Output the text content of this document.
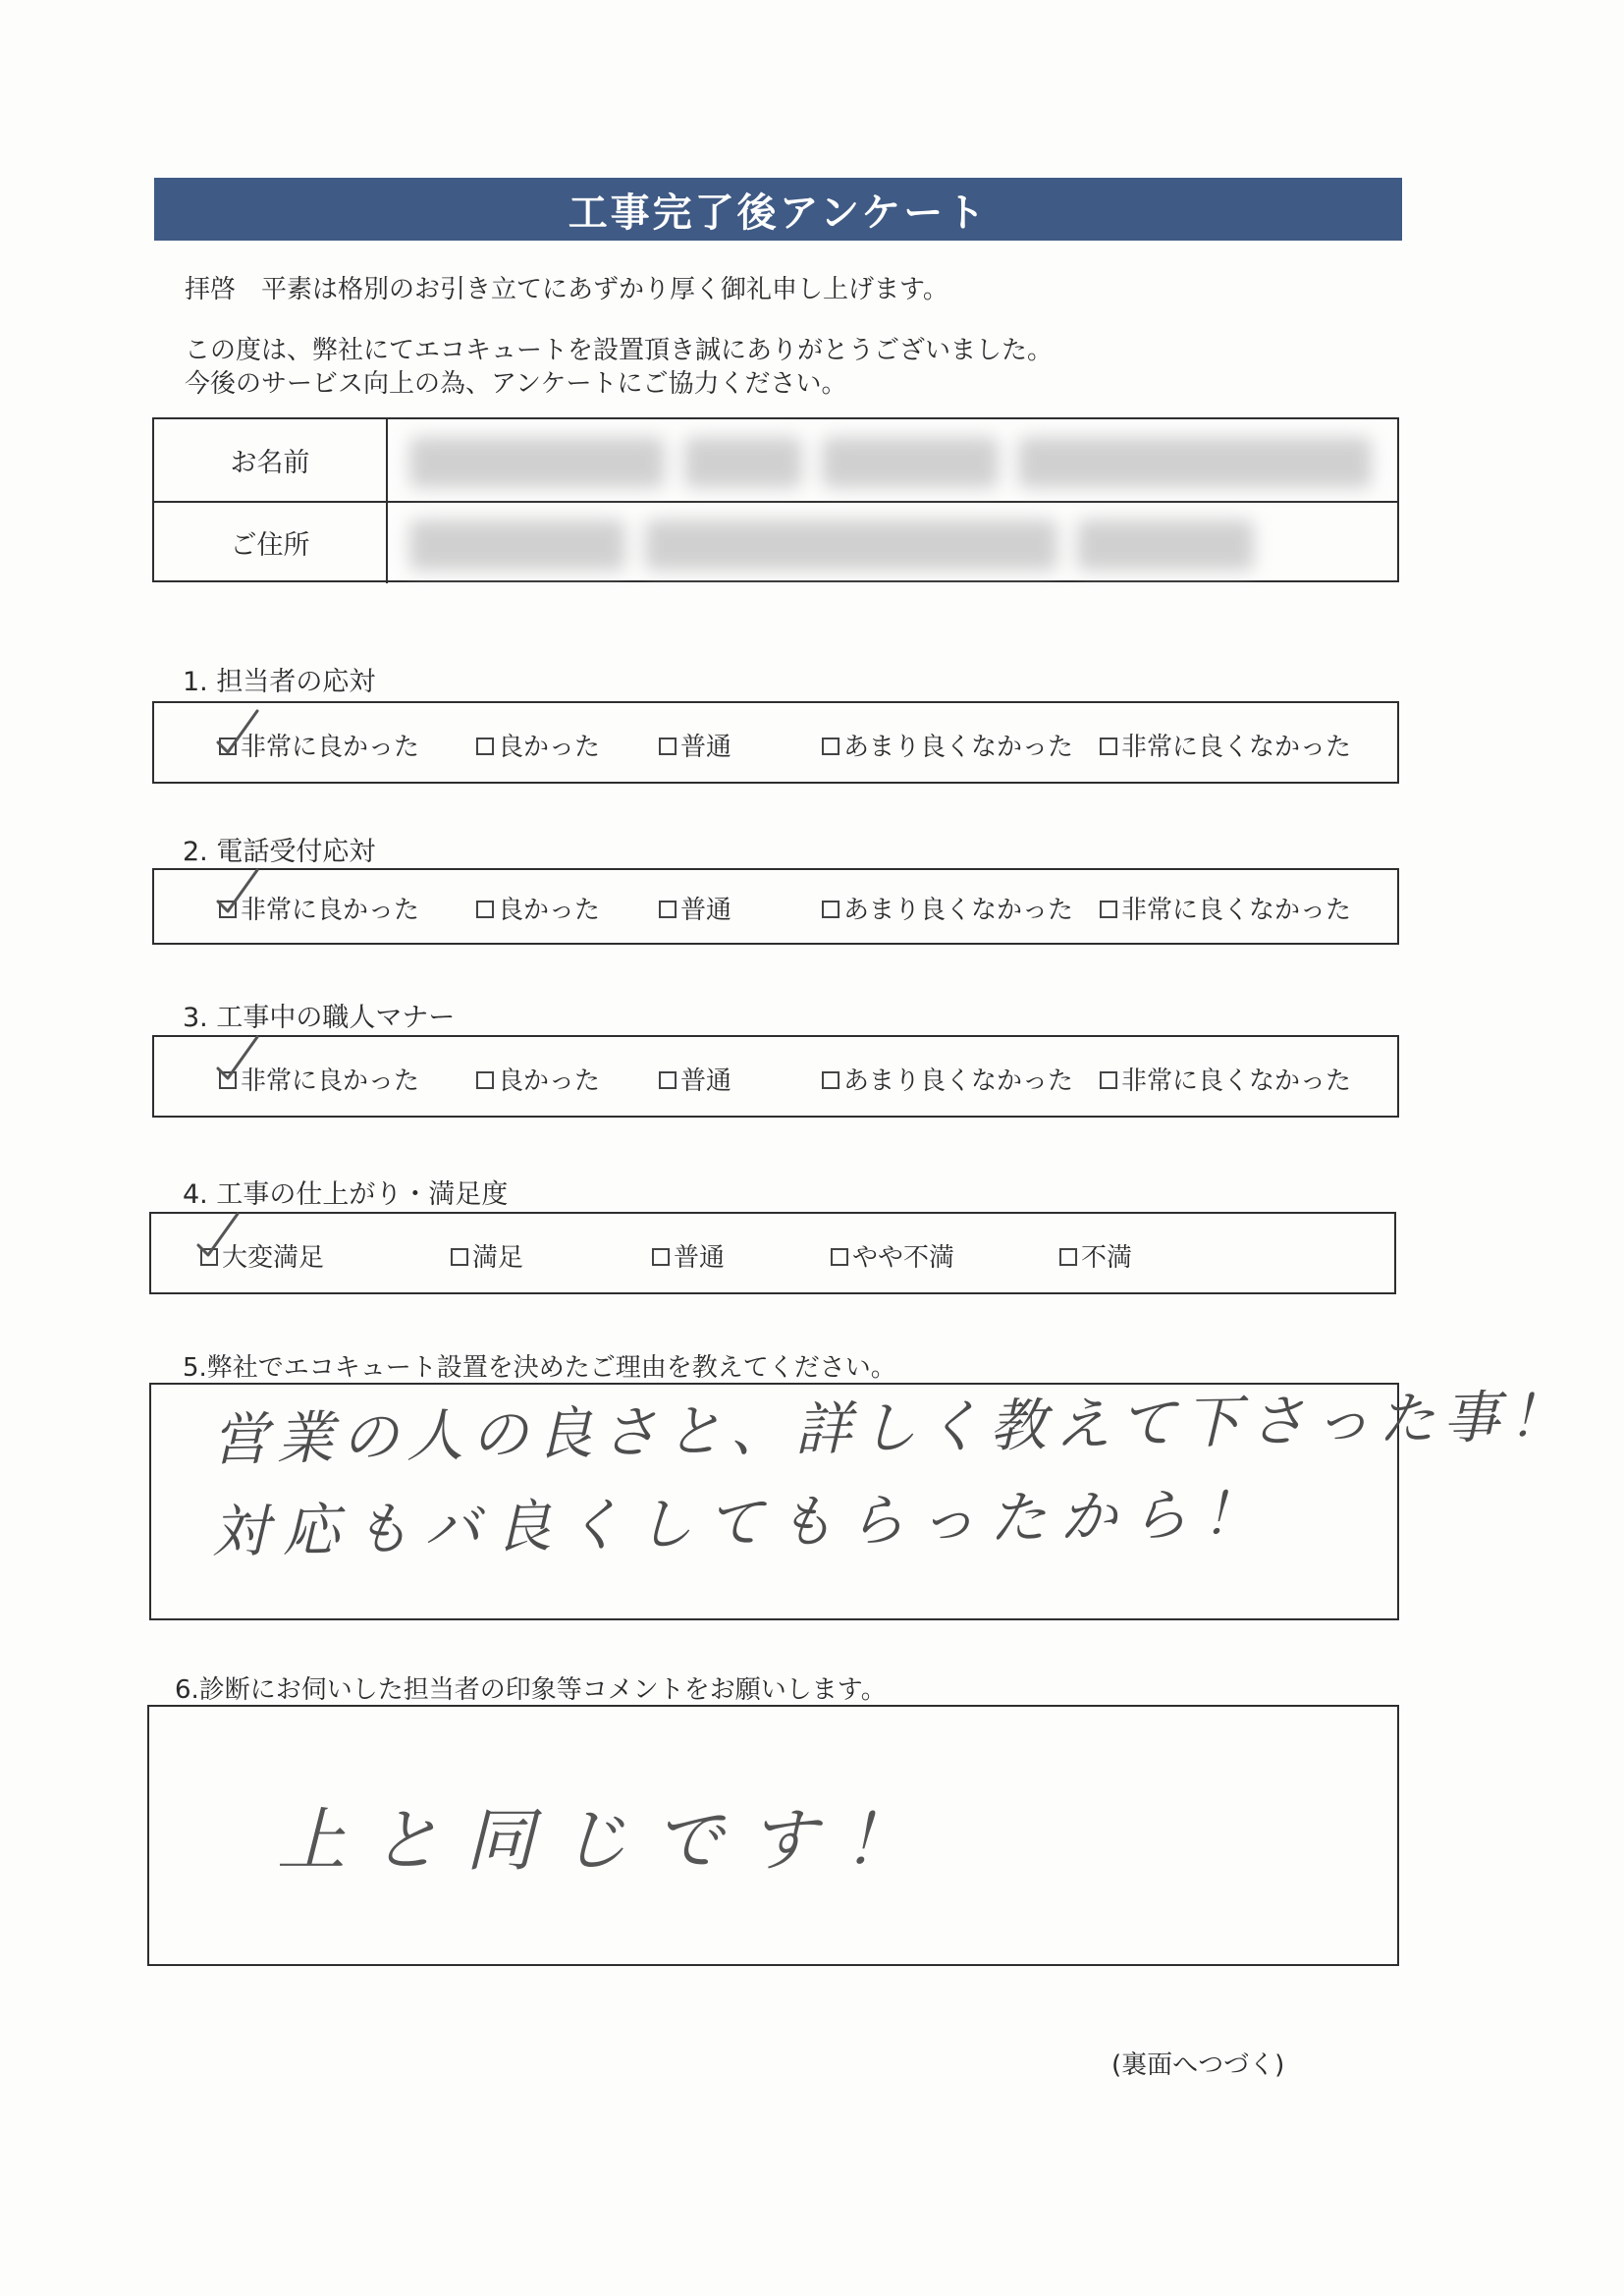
工事完了後アンケート
拝啓　平素は格別のお引き立てにあずかり厚く御礼申し上げます。
この度は、弊社にてエコキュートを設置頂き誠にありがとうございました。
今後のサービス向上の為、アンケートにご協力ください。
お名前
ご住所
1. 担当者の応対
非常に良かった	良かった	普通	あまり良くなかった 非常に良くなかった
2. 電話受付応対
非常に良かった	良かった	普通	あまり良くなかった 非常に良くなかった
3. 工事中の職人マナー
非常に良かった	良かった	普通	あまり良くなかった 非常に良くなかった
4. 工事の仕上がり・満足度
大変満足	満足	普通	やや不満	不満
5.弊社でエコキュート設置を決めたご理由を教えてください。
営業の人の良さと、詳しく教えて下さった事！
対応もバ良くしてもらったから！
6.診断にお伺いした担当者の印象等コメントをお願いします。
上と同じです！
(裏面へつづく)
